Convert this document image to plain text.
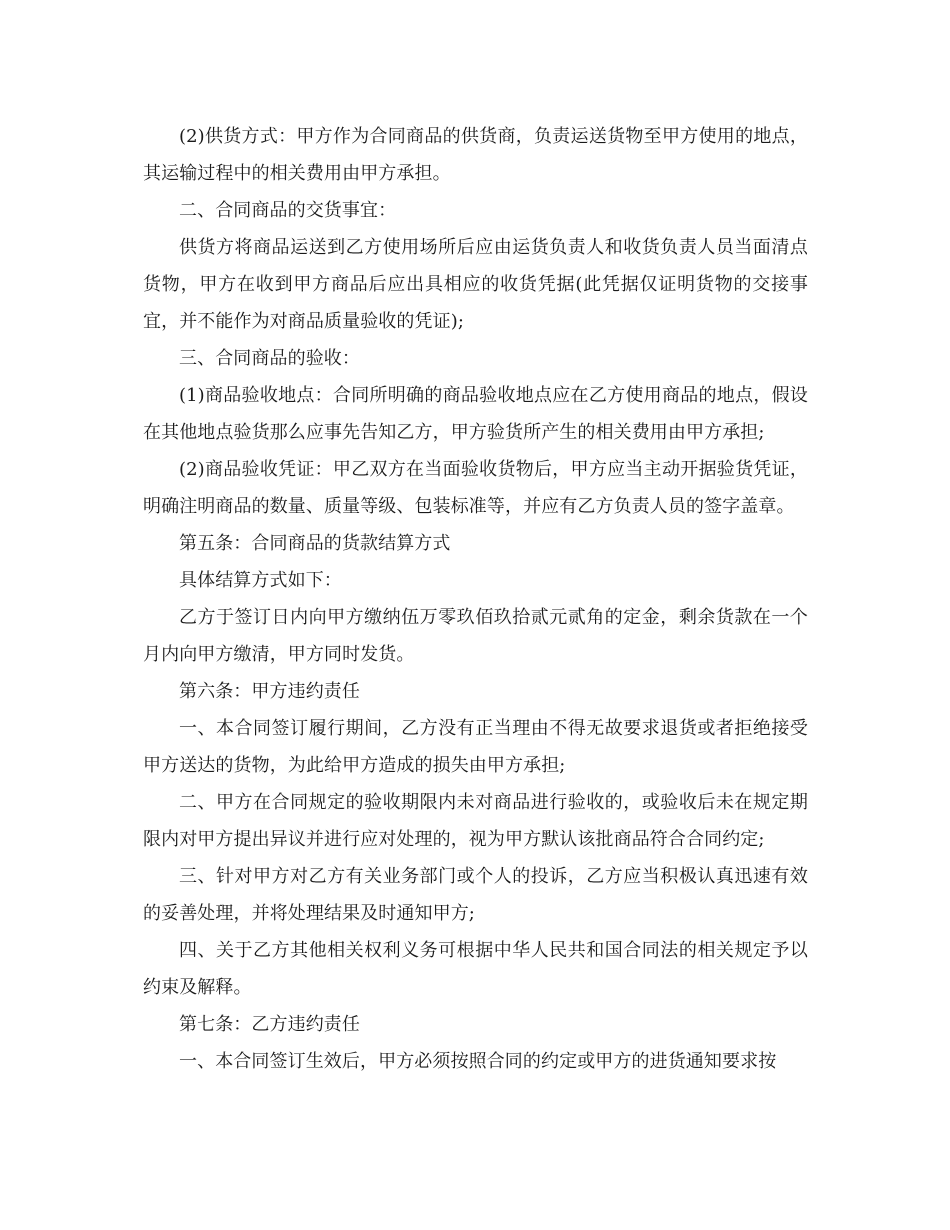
(2)供货方式：甲方作为合同商品的供货商，负责运送货物至甲方使用的地点，其运输过程中的相关费用由甲方承担。

二、合同商品的交货事宜：

供货方将商品运送到乙方使用场所后应由运货负责人和收货负责人员当面清点货物，甲方在收到甲方商品后应出具相应的收货凭据(此凭据仅证明货物的交接事宜，并不能作为对商品质量验收的凭证);

三、合同商品的验收：

(1)商品验收地点：合同所明确的商品验收地点应在乙方使用商品的地点，假设在其他地点验货那么应事先告知乙方，甲方验货所产生的相关费用由甲方承担;

(2)商品验收凭证：甲乙双方在当面验收货物后，甲方应当主动开据验货凭证，明确注明商品的数量、质量等级、包装标准等，并应有乙方负责人员的签字盖章。

第五条：合同商品的货款结算方式

具体结算方式如下：

乙方于签订日内向甲方缴纳伍万零玖佰玖拾贰元贰角的定金，剩余货款在一个月内向甲方缴清，甲方同时发货。

第六条：甲方违约责任

一、本合同签订履行期间，乙方没有正当理由不得无故要求退货或者拒绝接受甲方送达的货物，为此给甲方造成的损失由甲方承担;

二、甲方在合同规定的验收期限内未对商品进行验收的，或验收后未在规定期限内对甲方提出异议并进行应对处理的，视为甲方默认该批商品符合合同约定;

三、针对甲方对乙方有关业务部门或个人的投诉，乙方应当积极认真迅速有效的妥善处理，并将处理结果及时通知甲方;

四、关于乙方其他相关权利义务可根据中华人民共和国合同法的相关规定予以约束及解释。

第七条：乙方违约责任

一、本合同签订生效后，甲方必须按照合同的约定或甲方的进货通知要求按
